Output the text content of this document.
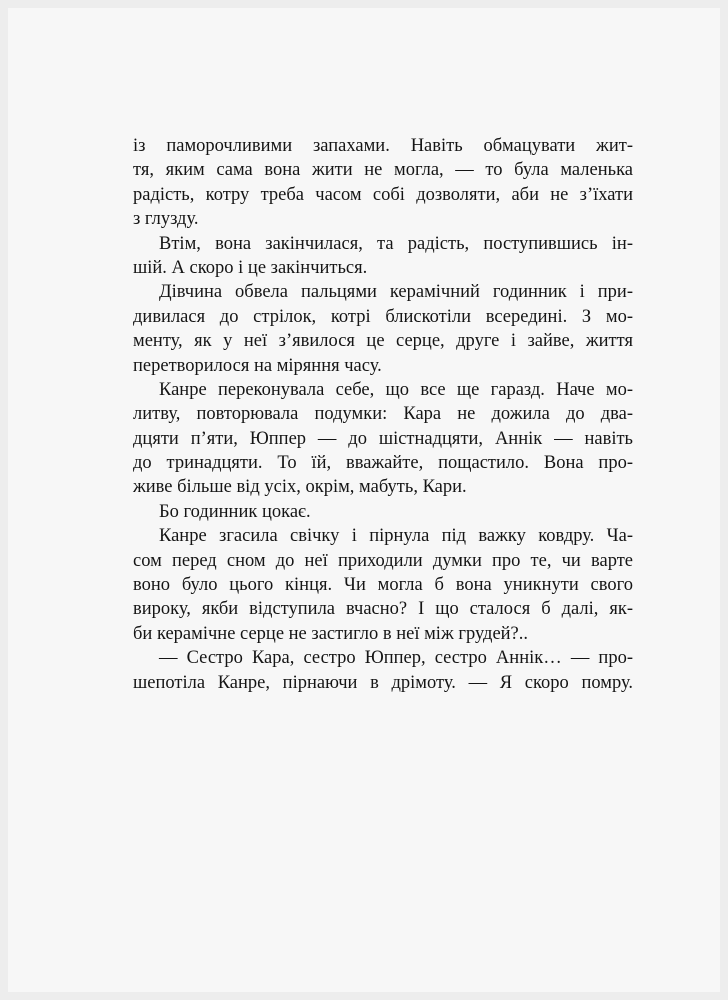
із паморочливими запахами. Навіть обмацувати жит-
тя, яким сама вона жити не могла, — то була маленька
радість, котру треба часом собі дозволяти, аби не з’їхати
з глузду.
Втім, вона закінчилася, та радість, поступившись ін-
шій. А скоро і це закінчиться.
Дівчина обвела пальцями керамічний годинник і при-
дивилася до стрілок, котрі блискотіли всередині. З мо-
менту, як у неї з’явилося це серце, друге і зайве, життя
перетворилося на міряння часу.
Канре переконувала себе, що все ще гаразд. Наче мо-
литву, повторювала подумки: Кара не дожила до два-
дцяти п’яти, Юппер — до шістнадцяти, Аннік — навіть
до тринадцяти. То їй, вважайте, пощастило. Вона про-
живе більше від усіх, окрім, мабуть, Кари.
Бо годинник цокає.
Канре згасила свічку і пірнула під важку ковдру. Ча-
сом перед сном до неї приходили думки про те, чи варте
воно було цього кінця. Чи могла б вона уникнути свого
вироку, якби відступила вчасно? І що сталося б далі, як-
би керамічне серце не застигло в неї між грудей?..
— Сестро Кара, сестро Юппер, сестро Аннік… — про-
шепотіла Канре, пірнаючи в дрімоту. — Я скоро помру.
